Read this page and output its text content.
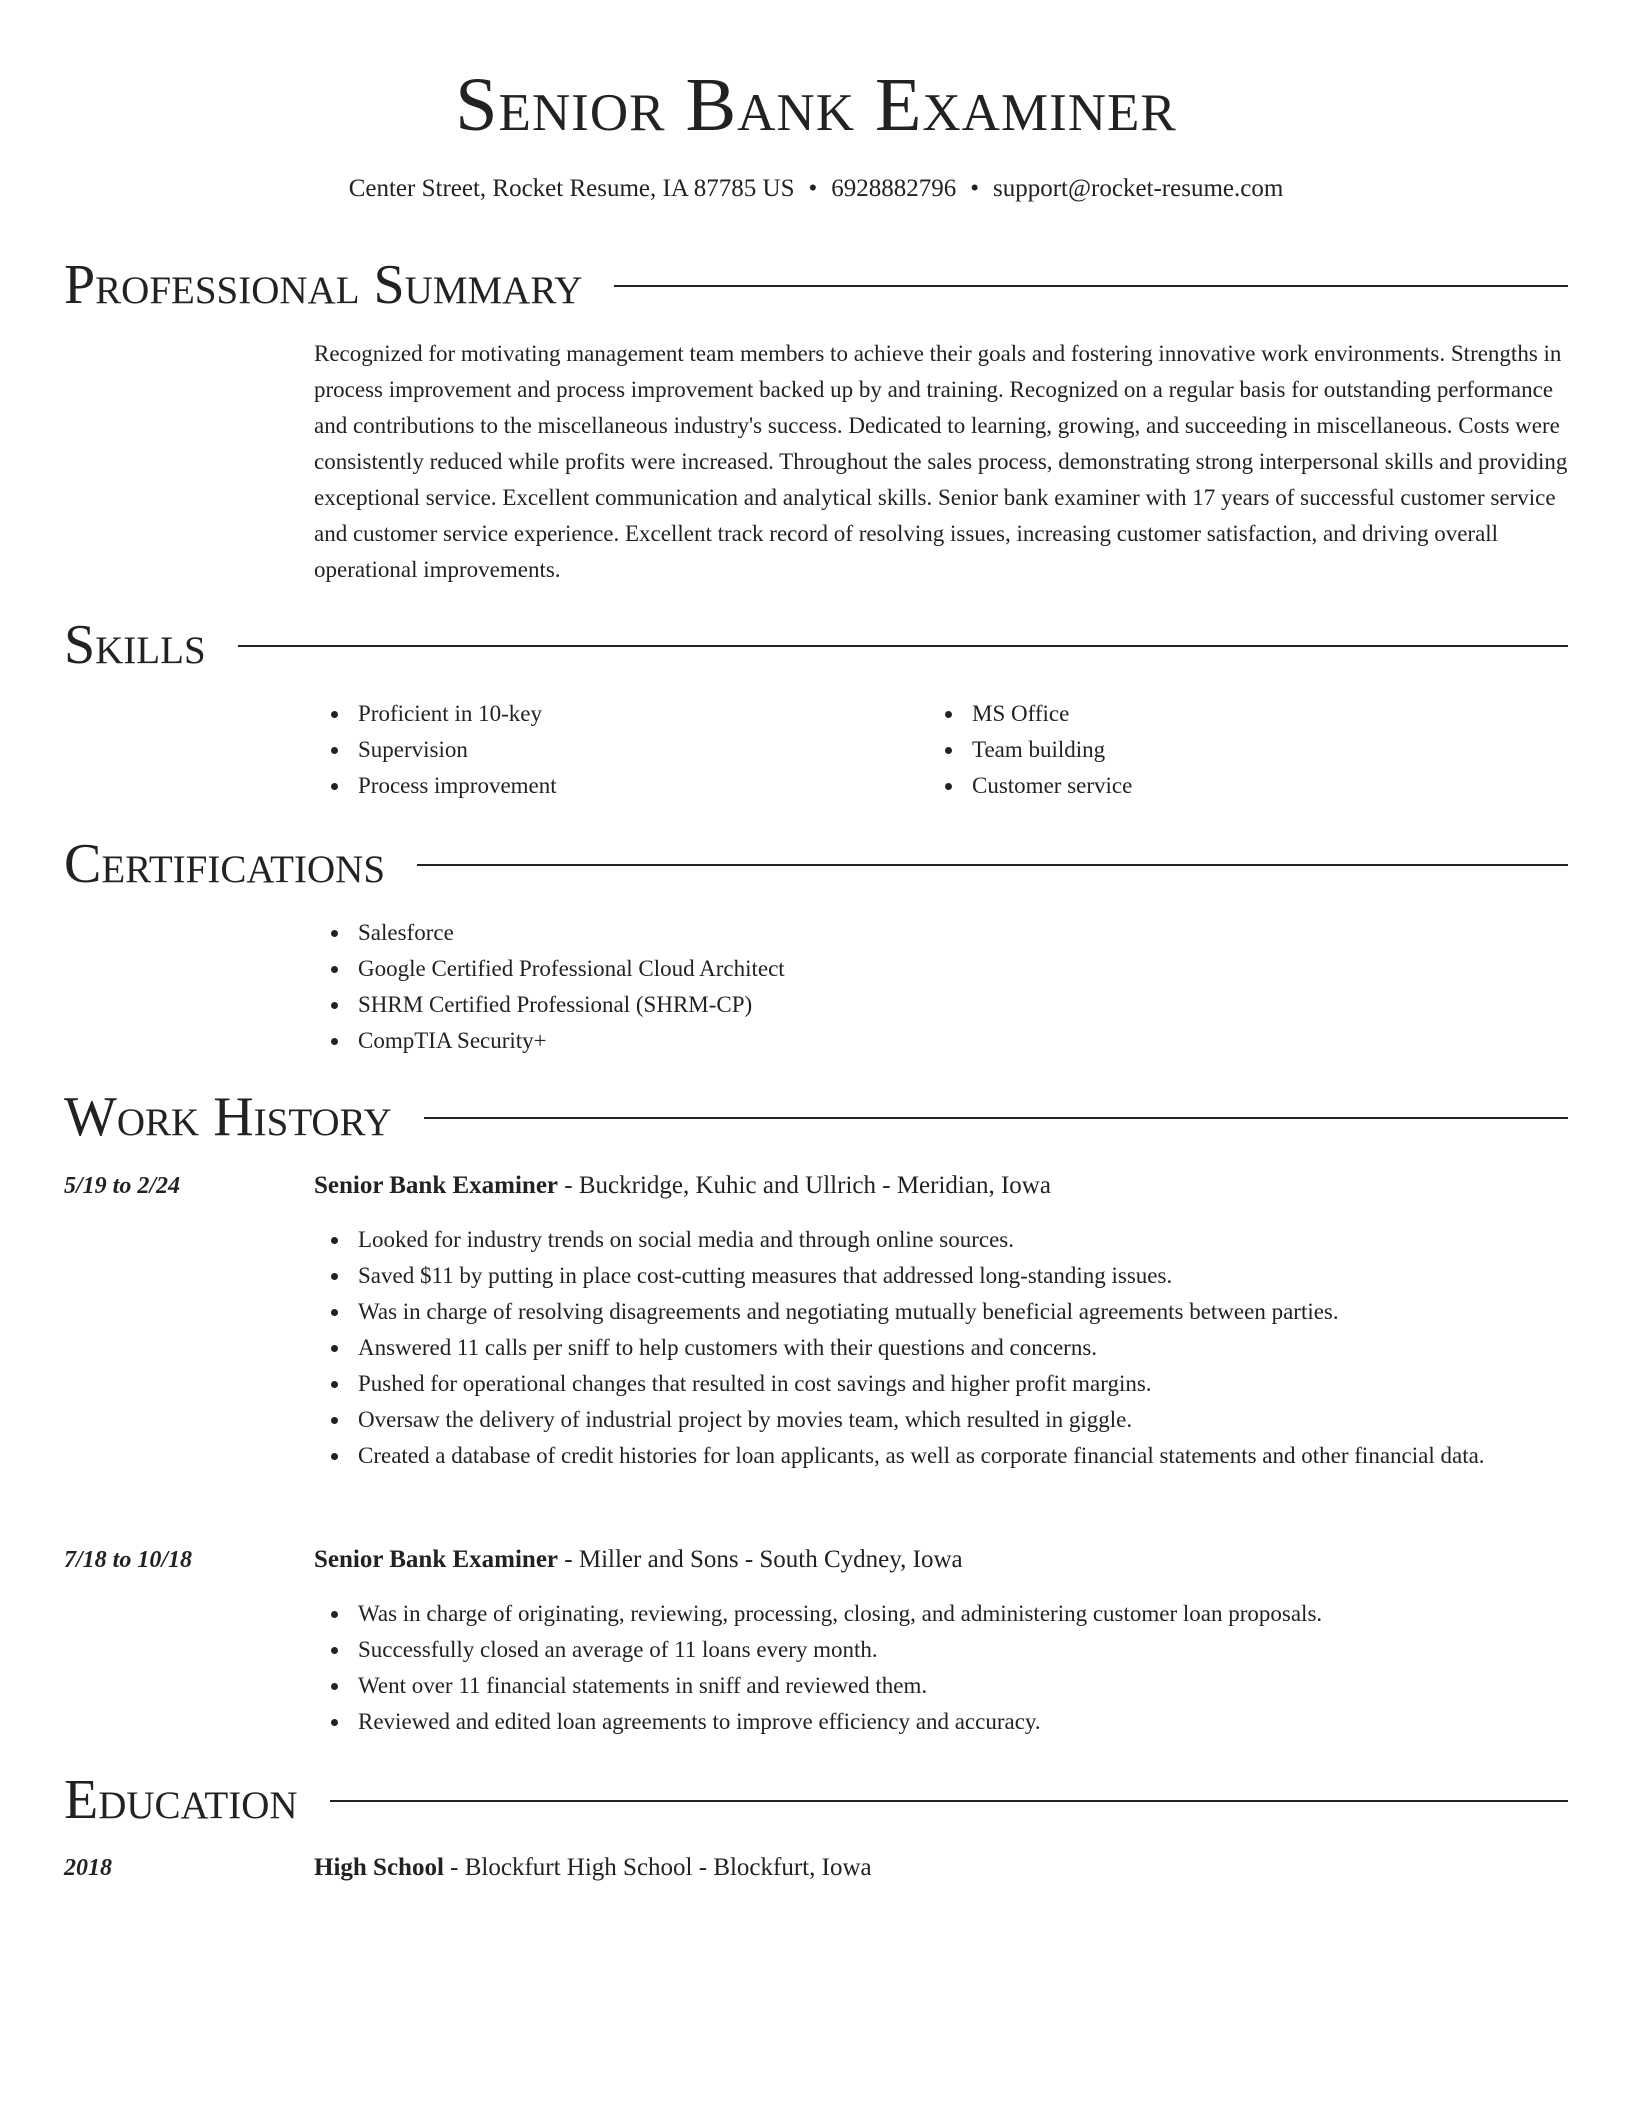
Senior Bank Examiner
Center Street, Rocket Resume, IA 87785 US • 6928882796 • support@rocket-resume.com
Professional Summary
Recognized for motivating management team members to achieve their goals and fostering innovative work environments. Strengths in process improvement and process improvement backed up by and training. Recognized on a regular basis for outstanding performance and contributions to the miscellaneous industry's success. Dedicated to learning, growing, and succeeding in miscellaneous. Costs were consistently reduced while profits were increased. Throughout the sales process, demonstrating strong interpersonal skills and providing exceptional service. Excellent communication and analytical skills. Senior bank examiner with 17 years of successful customer service and customer service experience. Excellent track record of resolving issues, increasing customer satisfaction, and driving overall operational improvements.
Skills
Proficient in 10-key
Supervision
Process improvement
MS Office
Team building
Customer service
Certifications
Salesforce
Google Certified Professional Cloud Architect
SHRM Certified Professional (SHRM-CP)
CompTIA Security+
Work History
5/19 to 2/24	Senior Bank Examiner - Buckridge, Kuhic and Ullrich - Meridian, Iowa
Looked for industry trends on social media and through online sources.
Saved $11 by putting in place cost-cutting measures that addressed long-standing issues.
Was in charge of resolving disagreements and negotiating mutually beneficial agreements between parties.
Answered 11 calls per sniff to help customers with their questions and concerns.
Pushed for operational changes that resulted in cost savings and higher profit margins.
Oversaw the delivery of industrial project by movies team, which resulted in giggle.
Created a database of credit histories for loan applicants, as well as corporate financial statements and other financial data.
7/18 to 10/18	Senior Bank Examiner - Miller and Sons - South Cydney, Iowa
Was in charge of originating, reviewing, processing, closing, and administering customer loan proposals.
Successfully closed an average of 11 loans every month.
Went over 11 financial statements in sniff and reviewed them.
Reviewed and edited loan agreements to improve efficiency and accuracy.
Education
2018	High School - Blockfurt High School - Blockfurt, Iowa
